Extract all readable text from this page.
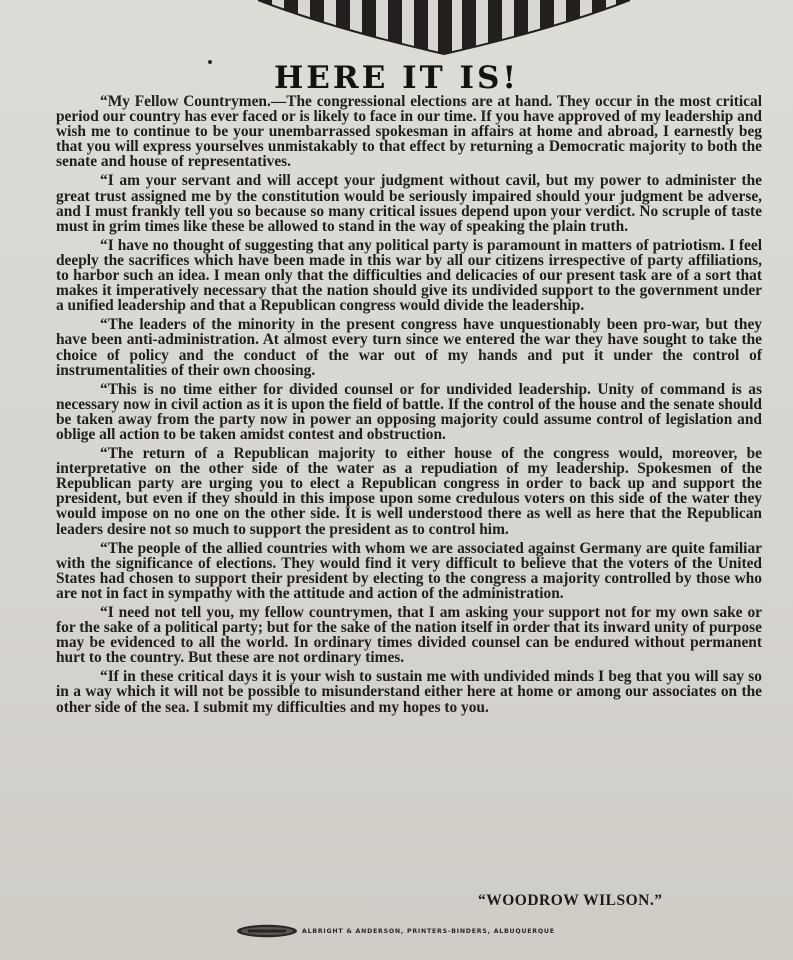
HERE IT IS!

“My Fellow Countrymen.—The congressional elections are at hand. They occur in the most critical period our country has ever faced or is likely to face in our time. If you have approved of my leadership and wish me to continue to be your unembarrassed spokesman in affairs at home and abroad, I earnestly beg that you will express yourselves unmistakably to that effect by returning a Democratic majority to both the senate and house of representatives.

“I am your servant and will accept your judgment without cavil, but my power to administer the great trust assigned me by the constitution would be seriously impaired should your judgment be adverse, and I must frankly tell you so because so many critical issues depend upon your verdict. No scruple of taste must in grim times like these be allowed to stand in the way of speaking the plain truth.

“I have no thought of suggesting that any political party is paramount in matters of patriotism. I feel deeply the sacrifices which have been made in this war by all our citizens irrespective of party affiliations, to harbor such an idea. I mean only that the difficulties and delicacies of our present task are of a sort that makes it imperatively necessary that the nation should give its undivided support to the government under a unified leadership and that a Republican congress would divide the leadership.

“The leaders of the minority in the present congress have unquestionably been pro-war, but they have been anti-administration. At almost every turn since we entered the war they have sought to take the choice of policy and the conduct of the war out of my hands and put it under the control of instrumentalities of their own choosing.

“This is no time either for divided counsel or for undivided leadership. Unity of command is as necessary now in civil action as it is upon the field of battle. If the control of the house and the senate should be taken away from the party now in power an opposing majority could assume control of legislation and oblige all action to be taken amidst contest and obstruction.

“The return of a Republican majority to either house of the congress would, moreover, be interpretative on the other side of the water as a repudiation of my leadership. Spokesmen of the Republican party are urging you to elect a Republican congress in order to back up and support the president, but even if they should in this impose upon some credulous voters on this side of the water they would impose on no one on the other side. It is well understood there as well as here that the Republican leaders desire not so much to support the president as to control him.

“The people of the allied countries with whom we are associated against Germany are quite familiar with the significance of elections. They would find it very difficult to believe that the voters of the United States had chosen to support their president by electing to the congress a majority controlled by those who are not in fact in sympathy with the attitude and action of the administration.

“I need not tell you, my fellow countrymen, that I am asking your support not for my own sake or for the sake of a political party; but for the sake of the nation itself in order that its inward unity of purpose may be evidenced to all the world. In ordinary times divided counsel can be endured without permanent hurt to the country. But these are not ordinary times.

“If in these critical days it is your wish to sustain me with undivided minds I beg that you will say so in a way which it will not be possible to misunderstand either here at home or among our associates on the other side of the sea. I submit my difficulties and my hopes to you.

“WOODROW WILSON.”
ALBRIGHT & ANDERSON, PRINTERS-BINDERS, ALBUQUERQUE
